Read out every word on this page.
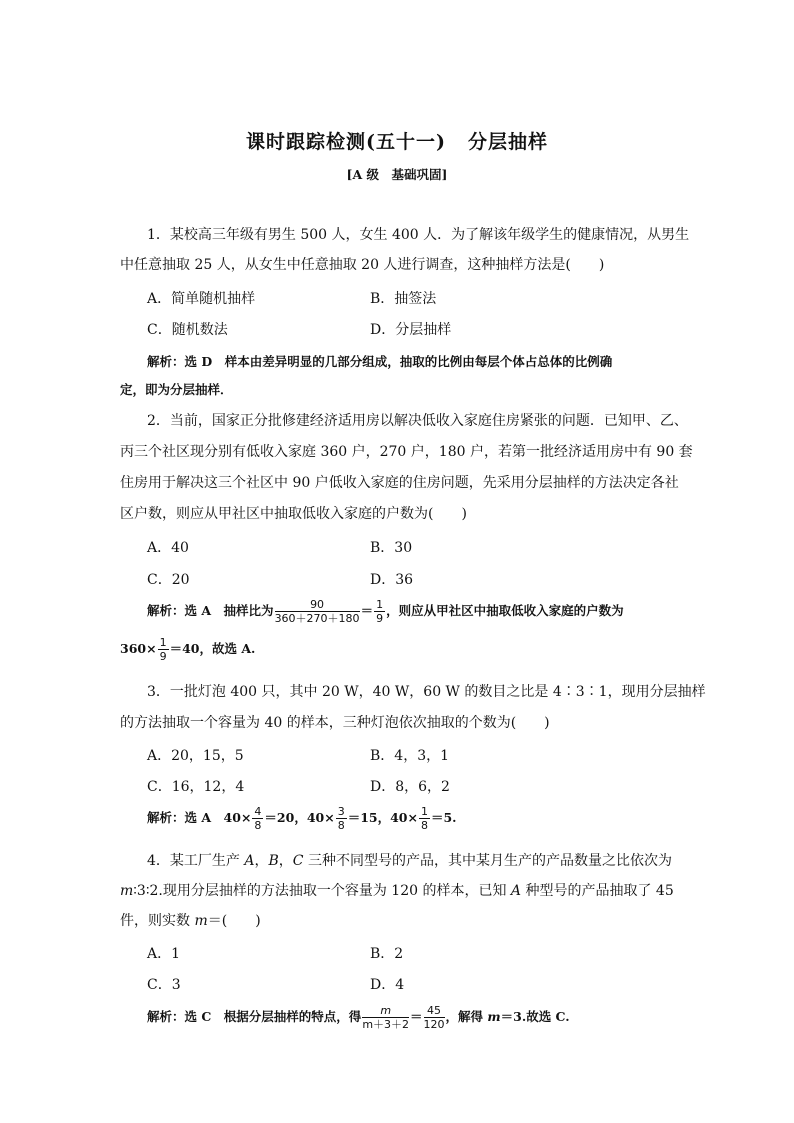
课时跟踪检测(五十一) 分层抽样
[A 级　基础巩固]
1．某校高三年级有男生 500 人，女生 400 人．为了解该年级学生的健康情况，从男生
中任意抽取 25 人，从女生中任意抽取 20 人进行调查，这种抽样方法是(　　)
A．简单随机抽样	B．抽签法
C．随机数法	D．分层抽样
解析：选 D　样本由差异明显的几部分组成，抽取的比例由每层个体占总体的比例确
定，即为分层抽样．
2．当前，国家正分批修建经济适用房以解决低收入家庭住房紧张的问题．已知甲、乙、
丙三个社区现分别有低收入家庭 360 户，270 户，180 户，若第一批经济适用房中有 90 套
住房用于解决这三个社区中 90 户低收入家庭的住房问题，先采用分层抽样的方法决定各社
区户数，则应从甲社区中抽取低收入家庭的户数为(　　)
A．40	B．30
C．20	D．36
解析：选 A　抽样比为 $\frac{90}{360+270+180} = \frac{1}{9}$ ，则应从甲社区中抽取低收入家庭的户数为
$360\times \frac{1}{9} =40$，故选 A.
3．一批灯泡 400 只，其中 20 W，40 W，60 W 的数目之比是 4∶3∶1，现用分层抽样
的方法抽取一个容量为 40 的样本，三种灯泡依次抽取的个数为(　　)
A．20，15，5	B．4，3，1
C．16，12，4	D．8，6，2
解析：选 A　$40\times \frac{4}{8} =20$，$40\times \frac{3}{8} =15$，$40\times \frac{1}{8} =5$.
4．某工厂生产 A，B，C 三种不同型号的产品，其中某月生产的产品数量之比依次为
m∶3∶2.现用分层抽样的方法抽取一个容量为 120 的样本，已知 A 种型号的产品抽取了 45
件，则实数 m＝(　　)
A．1	B．2
C．3	D．4
解析：选 C　根据分层抽样的特点，得 $\frac{m}{m+3+2} = \frac{45}{120}$ ，解得 m＝3.故选 C.
